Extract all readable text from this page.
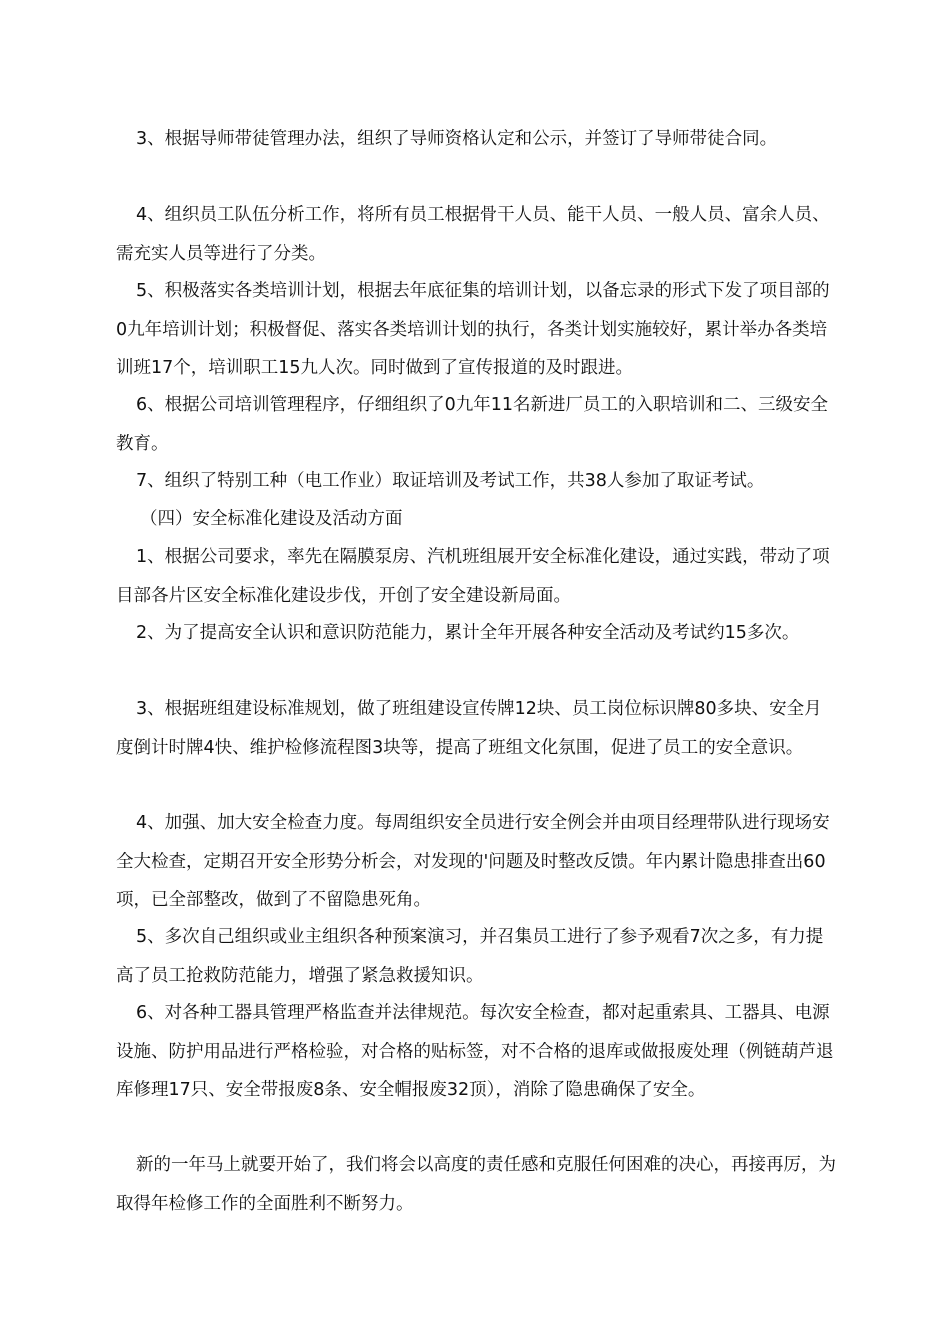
3、根据导师带徒管理办法，组织了导师资格认定和公示，并签订了导师带徒合同。

4、组织员工队伍分析工作，将所有员工根据骨干人员、能干人员、一般人员、富余人员、需充实人员等进行了分类。

5、积极落实各类培训计划，根据去年底征集的培训计划，以备忘录的形式下发了项目部的0九年培训计划；积极督促、落实各类培训计划的执行，各类计划实施较好，累计举办各类培训班17个，培训职工15九人次。同时做到了宣传报道的及时跟进。

6、根据公司培训管理程序，仔细组织了0九年11名新进厂员工的入职培训和二、三级安全教育。

7、组织了特别工种（电工作业）取证培训及考试工作，共38人参加了取证考试。

（四）安全标准化建设及活动方面

1、根据公司要求，率先在隔膜泵房、汽机班组展开安全标准化建设，通过实践，带动了项目部各片区安全标准化建设步伐，开创了安全建设新局面。

2、为了提高安全认识和意识防范能力，累计全年开展各种安全活动及考试约15多次。

3、根据班组建设标准规划，做了班组建设宣传牌12块、员工岗位标识牌80多块、安全月度倒计时牌4快、维护检修流程图3块等，提高了班组文化氛围，促进了员工的安全意识。

4、加强、加大安全检查力度。每周组织安全员进行安全例会并由项目经理带队进行现场安全大检查，定期召开安全形势分析会，对发现的'问题及时整改反馈。年内累计隐患排查出60项，已全部整改，做到了不留隐患死角。

5、多次自己组织或业主组织各种预案演习，并召集员工进行了参予观看7次之多，有力提高了员工抢救防范能力，增强了紧急救援知识。

6、对各种工器具管理严格监查并法律规范。每次安全检查，都对起重索具、工器具、电源设施、防护用品进行严格检验，对合格的贴标签，对不合格的退库或做报废处理（例链葫芦退库修理17只、安全带报废8条、安全帽报废32顶），消除了隐患确保了安全。

新的一年马上就要开始了，我们将会以高度的责任感和克服任何困难的决心，再接再厉，为取得年检修工作的全面胜利不断努力。
